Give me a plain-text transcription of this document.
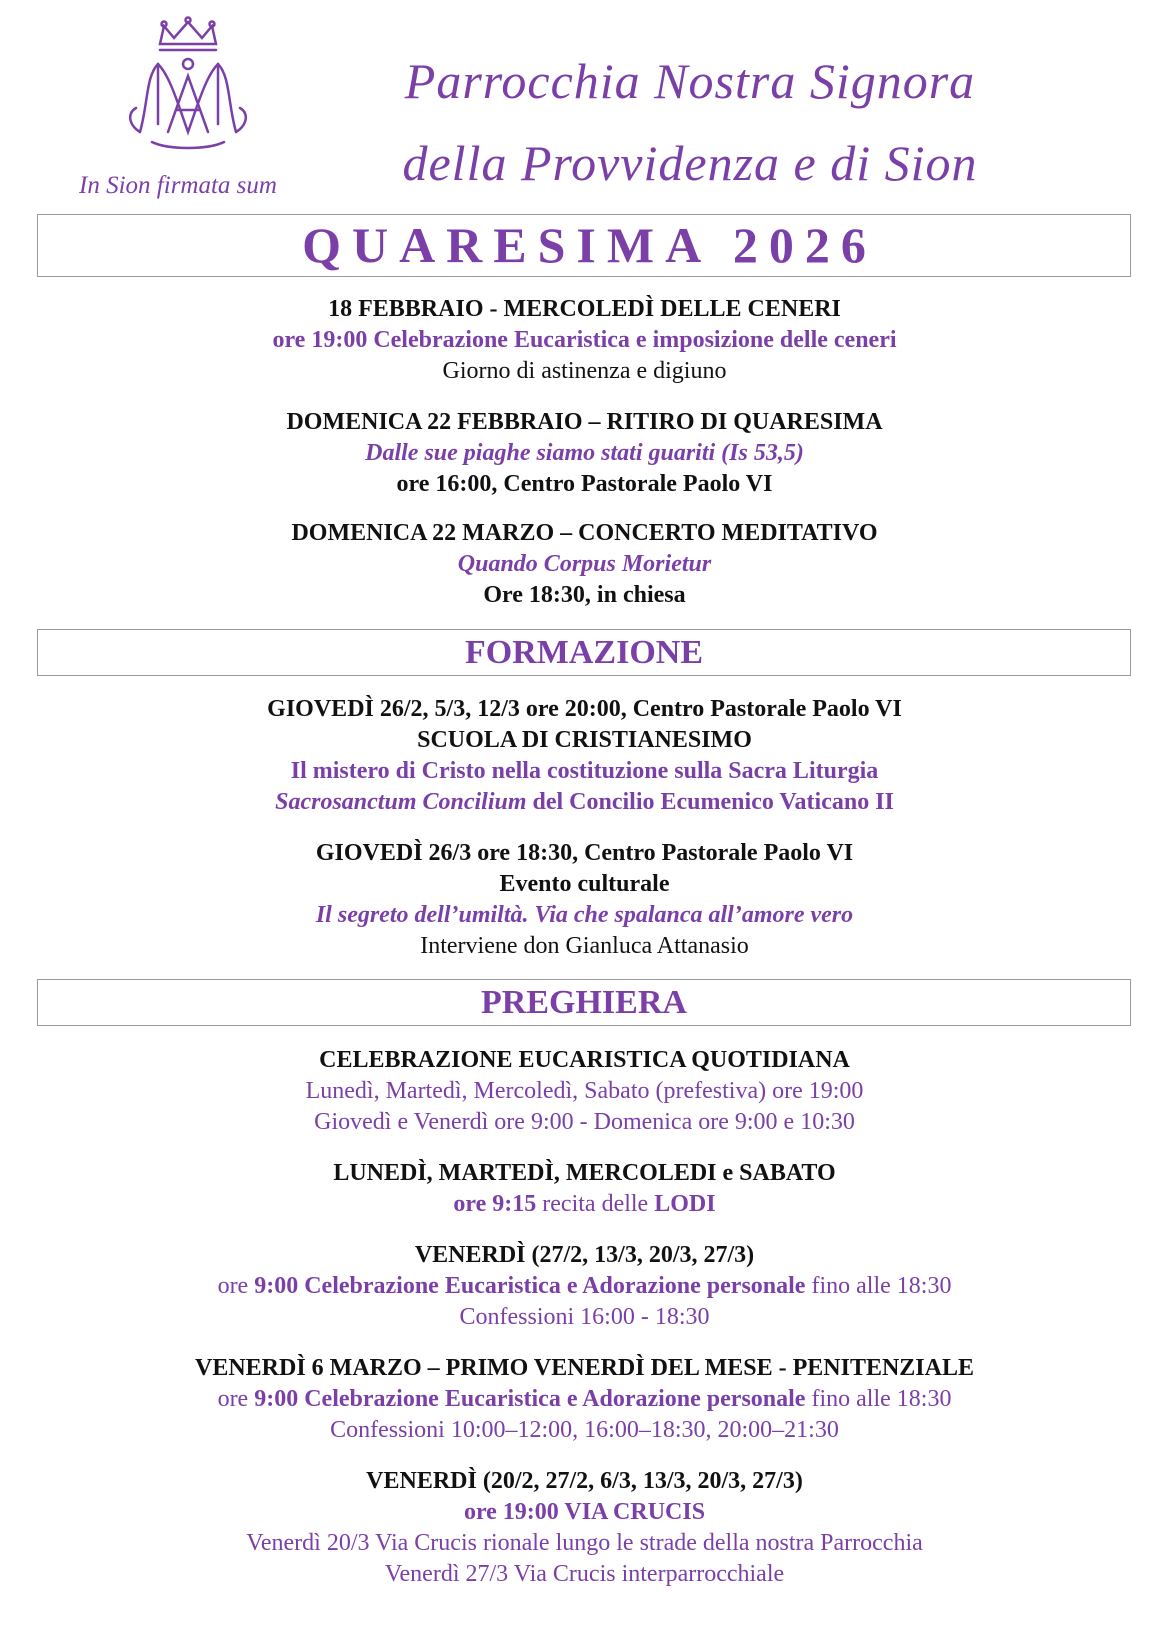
In Sion firmata sum
Parrocchia Nostra Signora
della Provvidenza e di Sion
QUARESIMA 2026
18 FEBBRAIO - MERCOLEDÌ DELLE CENERI
ore 19:00 Celebrazione Eucaristica e imposizione delle ceneri
Giorno di astinenza e digiuno
DOMENICA 22 FEBBRAIO – RITIRO DI QUARESIMA
Dalle sue piaghe siamo stati guariti (Is 53,5)
ore 16:00, Centro Pastorale Paolo VI
DOMENICA 22 MARZO – CONCERTO MEDITATIVO
Quando Corpus Morietur
Ore 18:30, in chiesa
FORMAZIONE
GIOVEDÌ 26/2, 5/3, 12/3 ore 20:00, Centro Pastorale Paolo VI
SCUOLA DI CRISTIANESIMO
Il mistero di Cristo nella costituzione sulla Sacra Liturgia
Sacrosanctum Concilium del Concilio Ecumenico Vaticano II
GIOVEDÌ 26/3 ore 18:30, Centro Pastorale Paolo VI
Evento culturale
Il segreto dell’umiltà. Via che spalanca all’amore vero
Interviene don Gianluca Attanasio
PREGHIERA
CELEBRAZIONE EUCARISTICA QUOTIDIANA
Lunedì, Martedì, Mercoledì, Sabato (prefestiva) ore 19:00
Giovedì e Venerdì ore 9:00 - Domenica ore 9:00 e 10:30
LUNEDÌ, MARTEDÌ, MERCOLEDI e SABATO
ore 9:15 recita delle LODI
VENERDÌ (27/2, 13/3, 20/3, 27/3)
ore 9:00 Celebrazione Eucaristica e Adorazione personale fino alle 18:30
Confessioni 16:00 - 18:30
VENERDÌ 6 MARZO – PRIMO VENERDÌ DEL MESE - PENITENZIALE
ore 9:00 Celebrazione Eucaristica e Adorazione personale fino alle 18:30
Confessioni 10:00–12:00, 16:00–18:30, 20:00–21:30
VENERDÌ (20/2, 27/2, 6/3, 13/3, 20/3, 27/3)
ore 19:00 VIA CRUCIS
Venerdì 20/3 Via Crucis rionale lungo le strade della nostra Parrocchia
Venerdì 27/3 Via Crucis interparrocchiale
